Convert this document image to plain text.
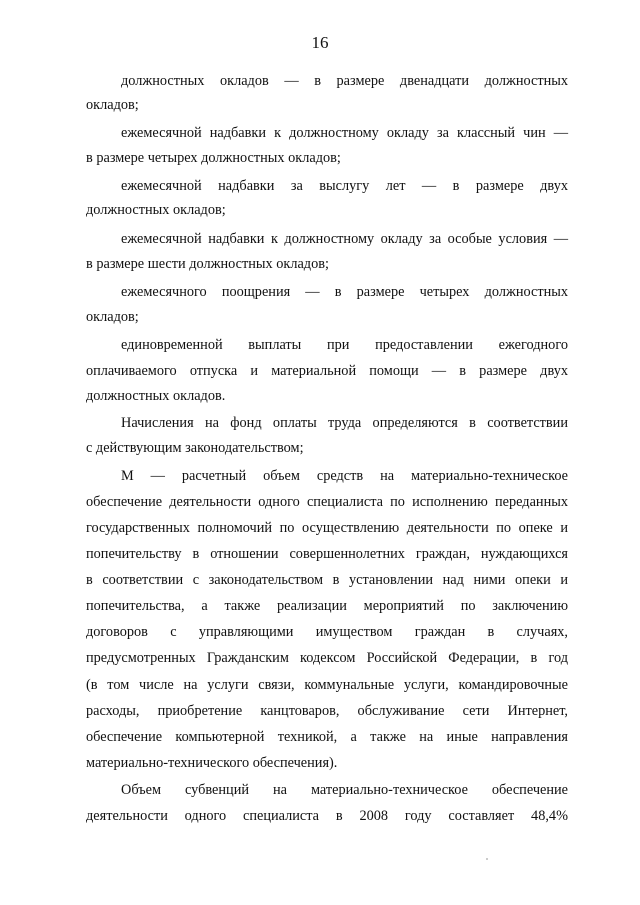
16
должностных окладов — в размере двенадцати должностных
окладов;
ежемесячной надбавки к должностному окладу за классный чин —
в размере четырех должностных окладов;
ежемесячной надбавки за выслугу лет — в размере двух
должностных окладов;
ежемесячной надбавки к должностному окладу за особые условия —
в размере шести должностных окладов;
ежемесячного поощрения — в размере четырех должностных
окладов;
единовременной выплаты при предоставлении ежегодного
оплачиваемого отпуска и материальной помощи — в размере двух
должностных окладов.
Начисления на фонд оплаты труда определяются в соответствии
с действующим законодательством;
М — расчетный объем средств на материально-техническое
обеспечение деятельности одного специалиста по исполнению переданных
государственных полномочий по осуществлению деятельности по опеке и
попечительству в отношении совершеннолетних граждан, нуждающихся
в соответствии с законодательством в установлении над ними опеки и
попечительства, а также реализации мероприятий по заключению
договоров с управляющими имуществом граждан в случаях,
предусмотренных Гражданским кодексом Российской Федерации, в год
(в том числе на услуги связи, коммунальные услуги, командировочные
расходы, приобретение канцтоваров, обслуживание сети Интернет,
обеспечение компьютерной техникой, а также на иные направления
материально-технического обеспечения).
Объем субвенций на материально-техническое обеспечение
деятельности одного специалиста в 2008 году составляет 48,4%
